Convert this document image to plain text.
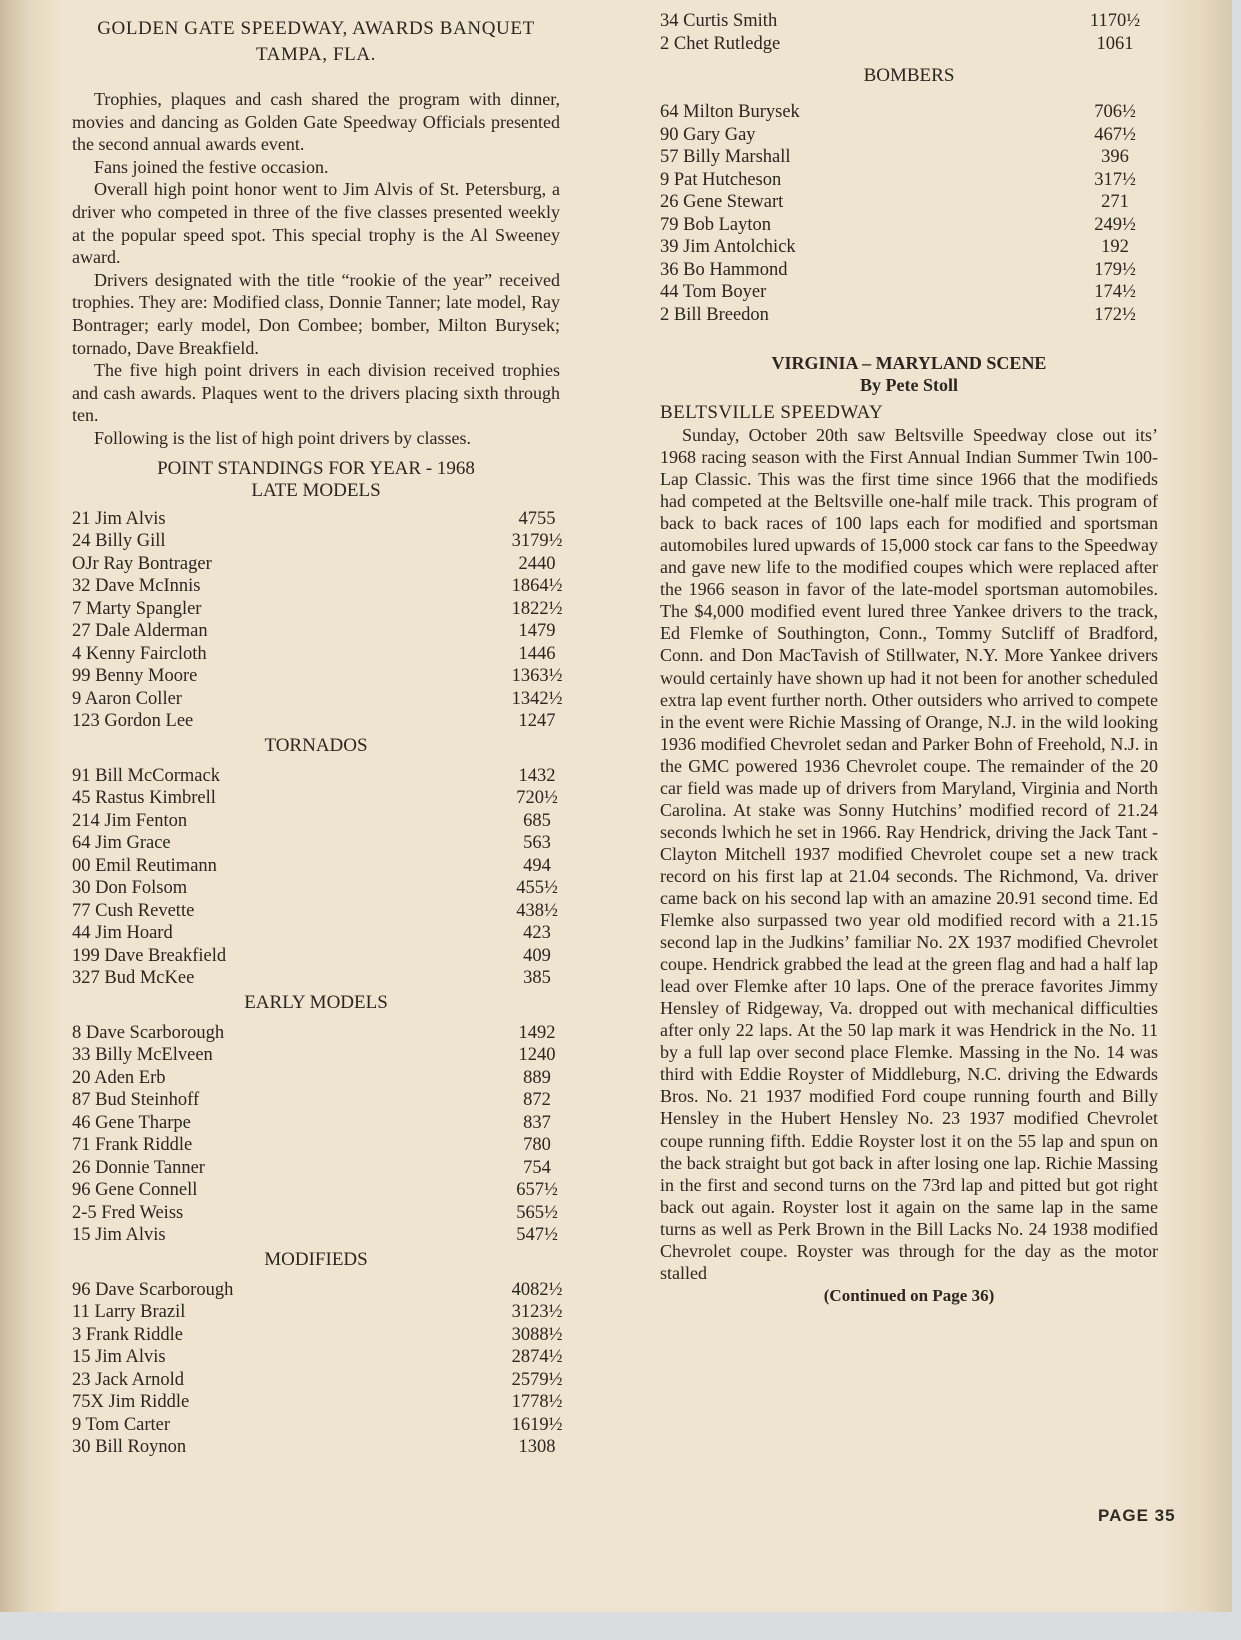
GOLDEN GATE SPEEDWAY, AWARDS BANQUET
TAMPA, FLA.

Trophies, plaques and cash shared the program with dinner, movies and dancing as Golden Gate Speedway Officials presented the second annual awards event.

Fans joined the festive occasion.

Overall high point honor went to Jim Alvis of St. Petersburg, a driver who competed in three of the five classes presented weekly at the popular speed spot. This special trophy is the Al Sweeney award.

Drivers designated with the title “rookie of the year” received trophies. They are: Modified class, Donnie Tanner; late model, Ray Bontrager; early model, Don Combee; bomber, Milton Burysek; tornado, Dave Breakfield.

The five high point drivers in each division received trophies and cash awards. Plaques went to the drivers placing sixth through ten.

Following is the list of high point drivers by classes.

POINT STANDINGS FOR YEAR - 1968
LATE MODELS
21 Jim Alvis	4755
24 Billy Gill	3179½
OJr Ray Bontrager	2440
32 Dave McInnis	1864½
7 Marty Spangler	1822½
27 Dale Alderman	1479
4 Kenny Faircloth	1446
99 Benny Moore	1363½
9 Aaron Coller	1342½
123 Gordon Lee	1247
TORNADOS
91 Bill McCormack	1432
45 Rastus Kimbrell	720½
214 Jim Fenton	685
64 Jim Grace	563
00 Emil Reutimann	494
30 Don Folsom	455½
77 Cush Revette	438½
44 Jim Hoard	423
199 Dave Breakfield	409
327 Bud McKee	385
EARLY MODELS
8 Dave Scarborough	1492
33 Billy McElveen	1240
20 Aden Erb	889
87 Bud Steinhoff	872
46 Gene Tharpe	837
71 Frank Riddle	780
26 Donnie Tanner	754
96 Gene Connell	657½
2-5 Fred Weiss	565½
15 Jim Alvis	547½
MODIFIEDS
96 Dave Scarborough	4082½
11 Larry Brazil	3123½
3 Frank Riddle	3088½
15 Jim Alvis	2874½
23 Jack Arnold	2579½
75X Jim Riddle	1778½
9 Tom Carter	1619½
30 Bill Roynon	1308
34 Curtis Smith	1170½
2 Chet Rutledge	1061
BOMBERS
64 Milton Burysek	706½
90 Gary Gay	467½
57 Billy Marshall	396
9 Pat Hutcheson	317½
26 Gene Stewart	271
79 Bob Layton	249½
39 Jim Antolchick	192
36 Bo Hammond	179½
44 Tom Boyer	174½
2 Bill Breedon	172½
VIRGINIA – MARYLAND SCENE
By Pete Stoll
BELTSVILLE SPEEDWAY

Sunday, October 20th saw Beltsville Speedway close out its’ 1968 racing season with the First Annual Indian Summer Twin 100-Lap Classic. This was the first time since 1966 that the modifieds had competed at the Beltsville one-half mile track. This program of back to back races of 100 laps each for modified and sportsman automobiles lured upwards of 15,000 stock car fans to the Speedway and gave new life to the modified coupes which were replaced after the 1966 season in favor of the late-model sportsman automobiles. The $4,000 modified event lured three Yankee drivers to the track, Ed Flemke of Southington, Conn., Tommy Sutcliff of Bradford, Conn. and Don MacTavish of Stillwater, N.Y. More Yankee drivers would certainly have shown up had it not been for another scheduled extra lap event further north. Other outsiders who arrived to compete in the event were Richie Massing of Orange, N.J. in the wild looking 1936 modified Chevrolet sedan and Parker Bohn of Freehold, N.J. in the GMC powered 1936 Chevrolet coupe. The remainder of the 20 car field was made up of drivers from Maryland, Virginia and North Carolina. At stake was Sonny Hutchins’ modified record of 21.24 seconds lwhich he set in 1966. Ray Hendrick, driving the Jack Tant - Clayton Mitchell 1937 modified Chevrolet coupe set a new track record on his first lap at 21.04 seconds. The Richmond, Va. driver came back on his second lap with an amazine 20.91 second time. Ed Flemke also surpassed two year old modified record with a 21.15 second lap in the Judkins’ familiar No. 2X 1937 modified Chevrolet coupe. Hendrick grabbed the lead at the green flag and had a half lap lead over Flemke after 10 laps. One of the prerace favorites Jimmy Hensley of Ridgeway, Va. dropped out with mechanical difficulties after only 22 laps. At the 50 lap mark it was Hendrick in the No. 11 by a full lap over second place Flemke. Massing in the No. 14 was third with Eddie Royster of Middleburg, N.C. driving the Edwards Bros. No. 21 1937 modified Ford coupe running fourth and Billy Hensley in the Hubert Hensley No. 23 1937 modified Chevrolet coupe running fifth. Eddie Royster lost it on the 55 lap and spun on the back straight but got back in after losing one lap. Richie Massing in the first and second turns on the 73rd lap and pitted but got right back out again. Royster lost it again on the same lap in the same turns as well as Perk Brown in the Bill Lacks No. 24 1938 modified Chevrolet coupe. Royster was through for the day as the motor stalled

(Continued on Page 36)
PAGE 35
